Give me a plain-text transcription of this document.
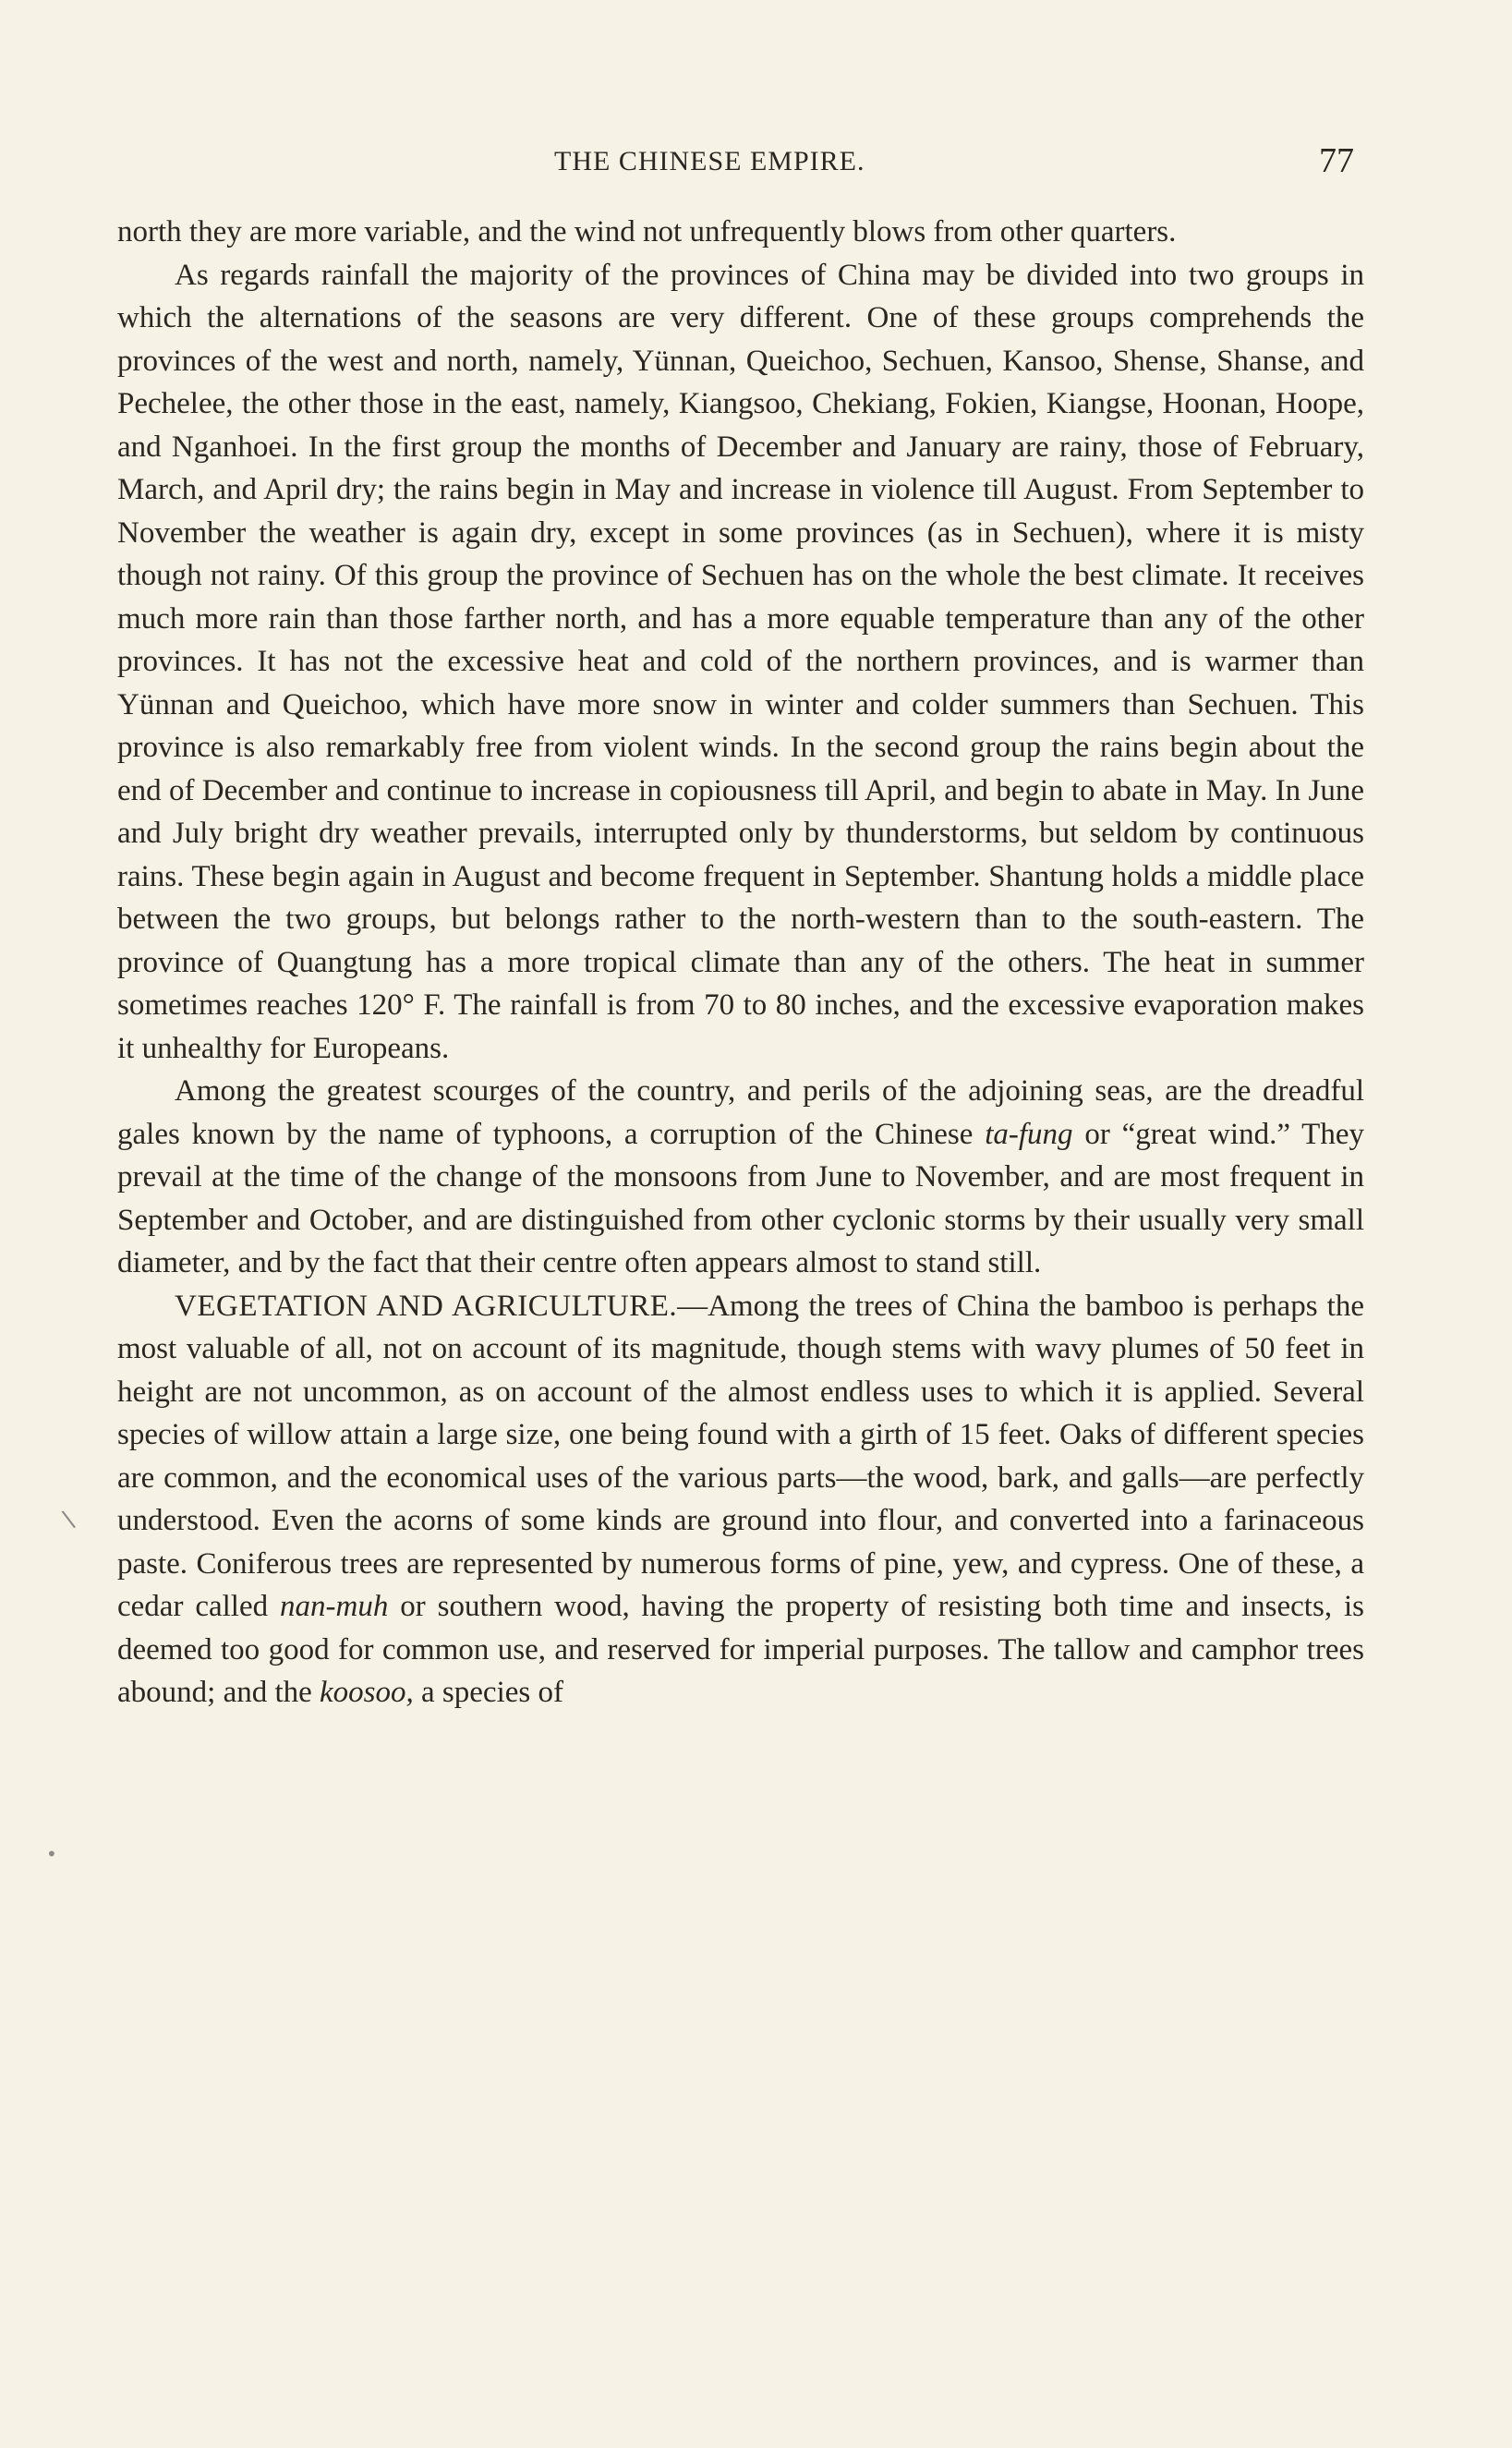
THE CHINESE EMPIRE.	77

north they are more variable, and the wind not unfrequently blows from other quarters.

As regards rainfall the majority of the provinces of China may be divided into two groups in which the alternations of the seasons are very different. One of these groups comprehends the provinces of the west and north, namely, Yünnan, Queichoo, Sechuen, Kansoo, Shense, Shanse, and Pechelee, the other those in the east, namely, Kiangsoo, Chekiang, Fokien, Kiangse, Hoonan, Hoope, and Nganhoei. In the first group the months of December and January are rainy, those of February, March, and April dry; the rains begin in May and increase in violence till August. From September to November the weather is again dry, except in some provinces (as in Sechuen), where it is misty though not rainy. Of this group the province of Sechuen has on the whole the best climate. It receives much more rain than those farther north, and has a more equable temperature than any of the other provinces. It has not the excessive heat and cold of the northern provinces, and is warmer than Yünnan and Queichoo, which have more snow in winter and colder summers than Sechuen. This province is also remarkably free from violent winds. In the second group the rains begin about the end of December and continue to increase in copiousness till April, and begin to abate in May. In June and July bright dry weather prevails, interrupted only by thunderstorms, but seldom by continuous rains. These begin again in August and become frequent in September. Shantung holds a middle place between the two groups, but belongs rather to the north-western than to the south-eastern. The province of Quangtung has a more tropical climate than any of the others. The heat in summer sometimes reaches 120° F. The rainfall is from 70 to 80 inches, and the excessive evaporation makes it unhealthy for Europeans.

Among the greatest scourges of the country, and perils of the adjoining seas, are the dreadful gales known by the name of typhoons, a corruption of the Chinese ta-fung or “great wind.” They prevail at the time of the change of the monsoons from June to November, and are most frequent in September and October, and are distinguished from other cyclonic storms by their usually very small diameter, and by the fact that their centre often appears almost to stand still.

VEGETATION AND AGRICULTURE.—Among the trees of China the bamboo is perhaps the most valuable of all, not on account of its magnitude, though stems with wavy plumes of 50 feet in height are not uncommon, as on account of the almost endless uses to which it is applied. Several species of willow attain a large size, one being found with a girth of 15 feet. Oaks of different species are common, and the economical uses of the various parts—the wood, bark, and galls—are perfectly understood. Even the acorns of some kinds are ground into flour, and converted into a farinaceous paste. Coniferous trees are represented by numerous forms of pine, yew, and cypress. One of these, a cedar called nan-muh or southern wood, having the property of resisting both time and insects, is deemed too good for common use, and reserved for imperial purposes. The tallow and camphor trees abound; and the koosoo, a species of

\
•
